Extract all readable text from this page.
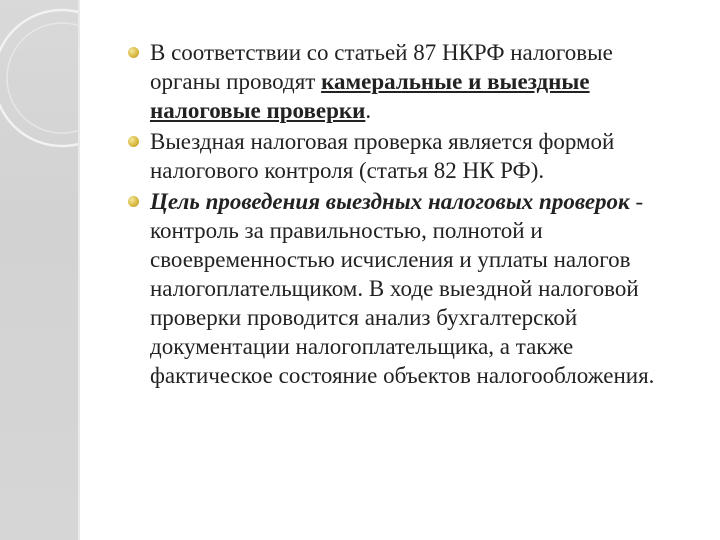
В соответствии со статьей 87 НКРФ налоговые органы проводят камеральные и выездные налоговые проверки.
Выездная налоговая проверка является формой налогового контроля (статья 82 НК РФ).
Цель проведения выездных налоговых проверок - контроль за правильностью, полнотой и своевременностью исчисления и уплаты налогов налогоплательщиком. В ходе выездной налоговой проверки проводится анализ бухгалтерской документации налогоплательщика, а также фактическое состояние объектов налогообложения.
